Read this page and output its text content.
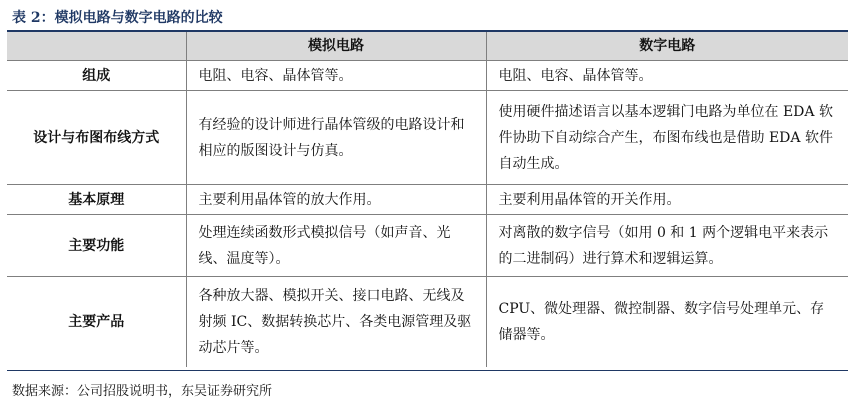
表 2：模拟电路与数字电路的比较
	模拟电路	数字电路
组成	电阻、电容、晶体管等。	电阻、电容、晶体管等。
设计与布图布线方式	有经验的设计师进行晶体管级的电路设计和相应的版图设计与仿真。	使用硬件描述语言以基本逻辑门电路为单位在 EDA 软件协助下自动综合产生，布图布线也是借助 EDA 软件自动生成。
基本原理	主要利用晶体管的放大作用。	主要利用晶体管的开关作用。
主要功能	处理连续函数形式模拟信号（如声音、光线、温度等）。	对离散的数字信号（如用 0 和 1 两个逻辑电平来表示的二进制码）进行算术和逻辑运算。
主要产品	各种放大器、模拟开关、接口电路、无线及射频 IC、数据转换芯片、各类电源管理及驱动芯片等。	CPU、微处理器、微控制器、数字信号处理单元、存储器等。
数据来源：公司招股说明书，东吴证券研究所
